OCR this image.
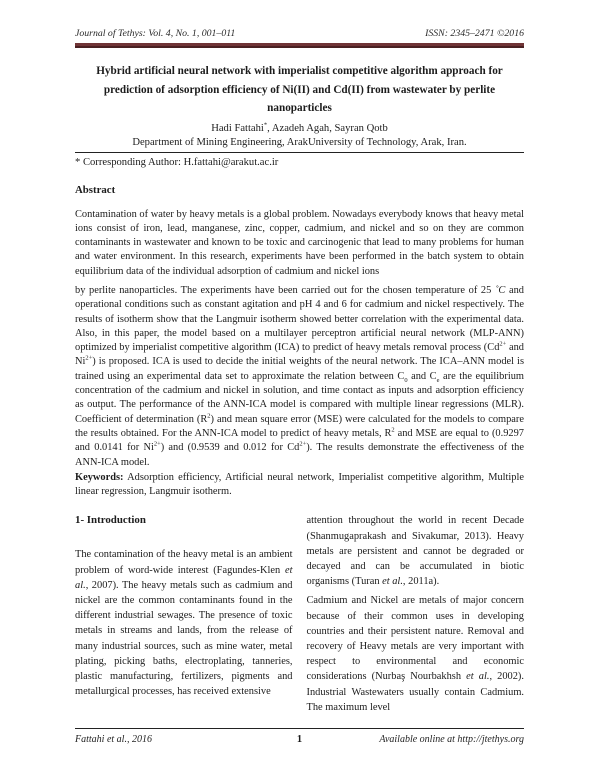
Journal of Tethys: Vol. 4, No. 1, 001–011	ISSN: 2345–2471 ©2016
Hybrid artificial neural network with imperialist competitive algorithm approach for prediction of adsorption efficiency of Ni(II) and Cd(II) from wastewater by perlite nanoparticles

Hadi Fattahi*, Azadeh Agah, Sayran Qotb

Department of Mining Engineering, ArakUniversity of Technology, Arak, Iran.

* Corresponding Author: H.fattahi@arakut.ac.ir

Abstract

Contamination of water by heavy metals is a global problem. Nowadays everybody knows that heavy metal ions consist of iron, lead, manganese, zinc, copper, cadmium, and nickel and so on they are common contaminants in wastewater and known to be toxic and carcinogenic that lead to many problems for human and water environment. In this research, experiments have been performed in the batch system to obtain equilibrium data of the individual adsorption of cadmium and nickel ions

by perlite nanoparticles. The experiments have been carried out for the chosen temperature of 25 ˚C and operational conditions such as constant agitation and pH 4 and 6 for cadmium and nickel respectively. The results of isotherm show that the Langmuir isotherm showed better correlation with the experimental data. Also, in this paper, the model based on a multilayer perceptron artificial neural network (MLP-ANN) optimized by imperialist competitive algorithm (ICA) to predict of heavy metals removal process ($Cd^{2+}$ and $Ni^{2+}$) is proposed. ICA is used to decide the initial weights of the neural network. The ICA–ANN model is trained using an experimental data set to approximate the relation between $C_0$ and $C_e$ are the equilibrium concentration of the cadmium and nickel in solution, and time contact as inputs and adsorption efficiency as output. The performance of the ANN-ICA model is compared with multiple linear regressions (MLR). Coefficient of determination $(R^2)$ and mean square error (MSE) were calculated for the models to compare the results obtained. For the ANN-ICA model to predict of heavy metals, $R^2$ and MSE are equal to (0.9297 and 0.0141 for $Ni^{2+}$) and (0.9539 and 0.012 for $Cd^{2+}$). The results demonstrate the effectiveness of the ANN-ICA model.

Keywords: Adsorption efficiency, Artificial neural network, Imperialist competitive algorithm, Multiple linear regression, Langmuir isotherm.

1- Introduction

The contamination of the heavy metal is an ambient problem of word-wide interest (Fagundes-Klen et al., 2007). The heavy metals such as cadmium and nickel are the common contaminants found in the different industrial sewages. The presence of toxic metals in streams and lands, from the release of many industrial sources, such as mine water, metal plating, picking baths, electroplating, tanneries, plastic manufacturing, fertilizers, pigments and metallurgical processes, has received extensive

attention throughout the world in recent Decade (Shanmugaprakash and Sivakumar, 2013). Heavy metals are persistent and cannot be degraded or decayed and can be accumulated in biotic organisms (Turan et al., 2011a).

Cadmium and Nickel are metals of major concern because of their common uses in developing countries and their persistent nature. Removal and recovery of Heavy metals are very important with respect to environmental and economic considerations (Nurbaş Nourbakhsh et al., 2002). Industrial Wastewaters usually contain Cadmium. The maximum level

1
Fattahi et al., 2016	Available online at http://jtethys.org
